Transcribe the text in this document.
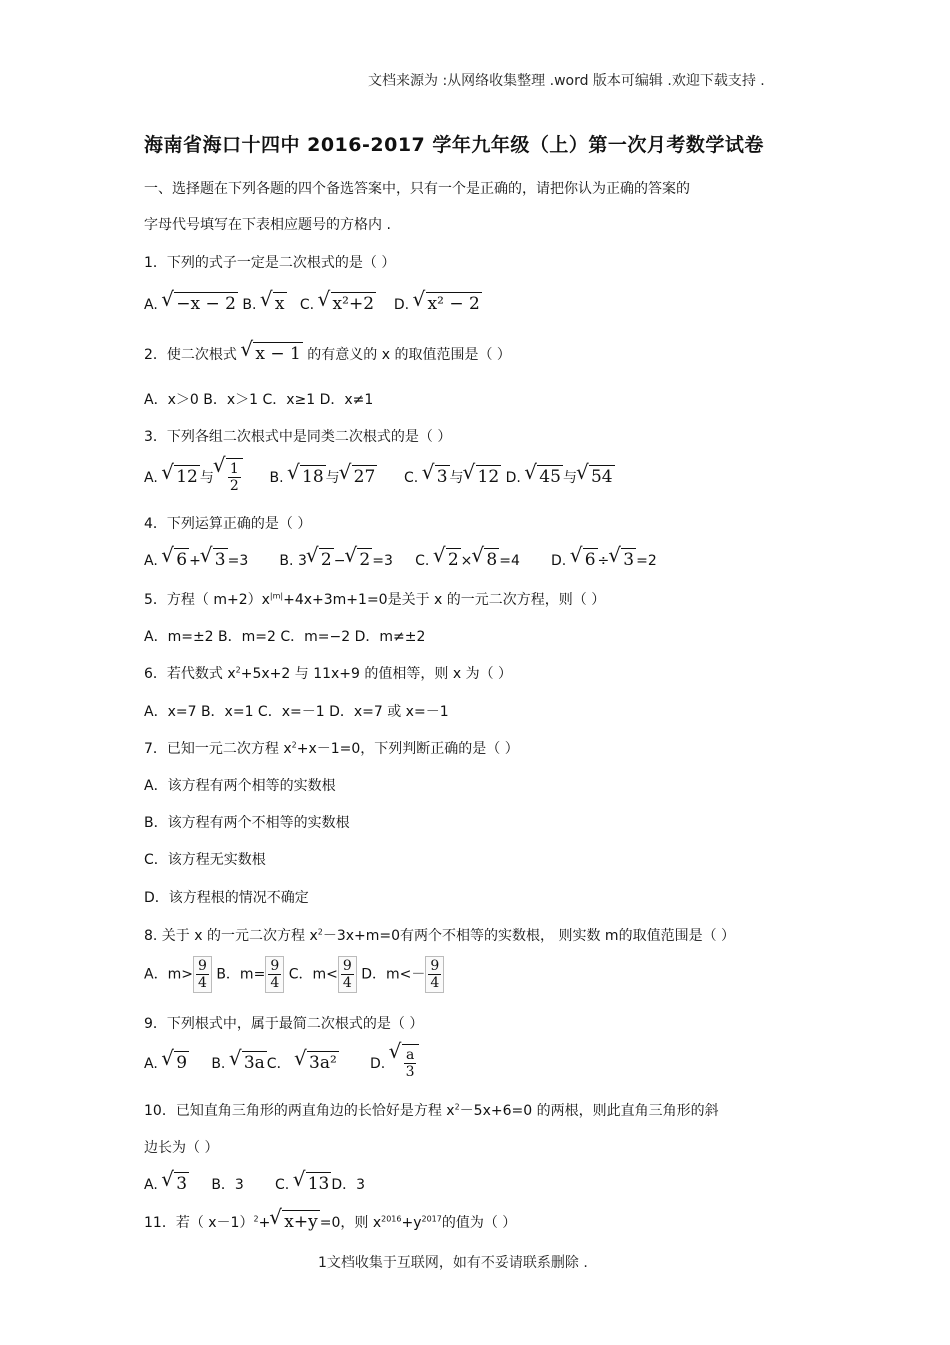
文档来源为 :从网络收集整理 .word 版本可编辑 .欢迎下载支持 .
海南省海口十四中 2016-2017 学年九年级（上）第一次月考数学试卷
一、选择题在下列各题的四个备选答案中，只有一个是正确的，请把你认为正确的答案的
字母代号填写在下表相应题号的方格内 .
1．下列的式子一定是二次根式的是（ ）
A. √ −x − 2 B. √ x C. √ x²+2 D. √ x² − 2
2．使二次根式 √ x − 1 的有意义的 x 的取值范围是（ ）
A．x＞0 B．x＞1 C．x≥1 D．x≠1
3．下列各组二次根式中是同类二次根式的是（ ）
A. √ 12 与 √ $\frac{1}{2} B$. √ 18 与 √ 27 C. √ 3 与 √ 12 D. √ 45 与 √ 54
4．下列运算正确的是（ ）
A. √ 6 + √ 3 =3 B. 3 √ 2 − √ 2 =3 C. √ 2 × √ 8 =4 D. √ 6 ÷ √ 3 =2
5．方程（ $m+2)x^{|m|}+4x+3m+1=0$是关于 x 的一元二次方程，则（ ）
A．m=±2 B．m=2 C．m=−2 D．m≠±2
6．若代数式 $x^2+5x+2$ 与 11x+9 的值相等，则 x 为（ ）
A．x=7 B．x=1 C．x=－1 D．x=7 或 x=－1
7．已知一元二次方程 $x^2+x-1=0$，下列判断正确的是（ ）
A．该方程有两个相等的实数根
B．该方程有两个不相等的实数根
C．该方程无实数根
D．该方程根的情况不确定
8. 关于 x 的一元二次方程 $x^2-3x+m=0$有两个不相等的实数根， 则实数 m的取值范围是（ ）
A．$m> \frac{9}{4}$ B．$m= \frac{9}{4}$ C．$m< \frac{9}{4}$ D．$m<- \frac{9}{4}$
9．下列根式中，属于最简二次根式的是（ ）
A. √ 9 B. √ 3a C． √ 3a² D. √ $\frac{a}{3}$
10．已知直角三角形的两直角边的长恰好是方程 $x^2-5x+6=0$ 的两根，则此直角三角形的斜
边长为（ ）
A. √ 3 B．3 C. √ 13 D．3
11．若（ x－1）$^2$+ √ x+y =0，则 $x^{2016}+y^{2017}$的值为（ ）
1文档收集于互联网，如有不妥请联系删除 .
